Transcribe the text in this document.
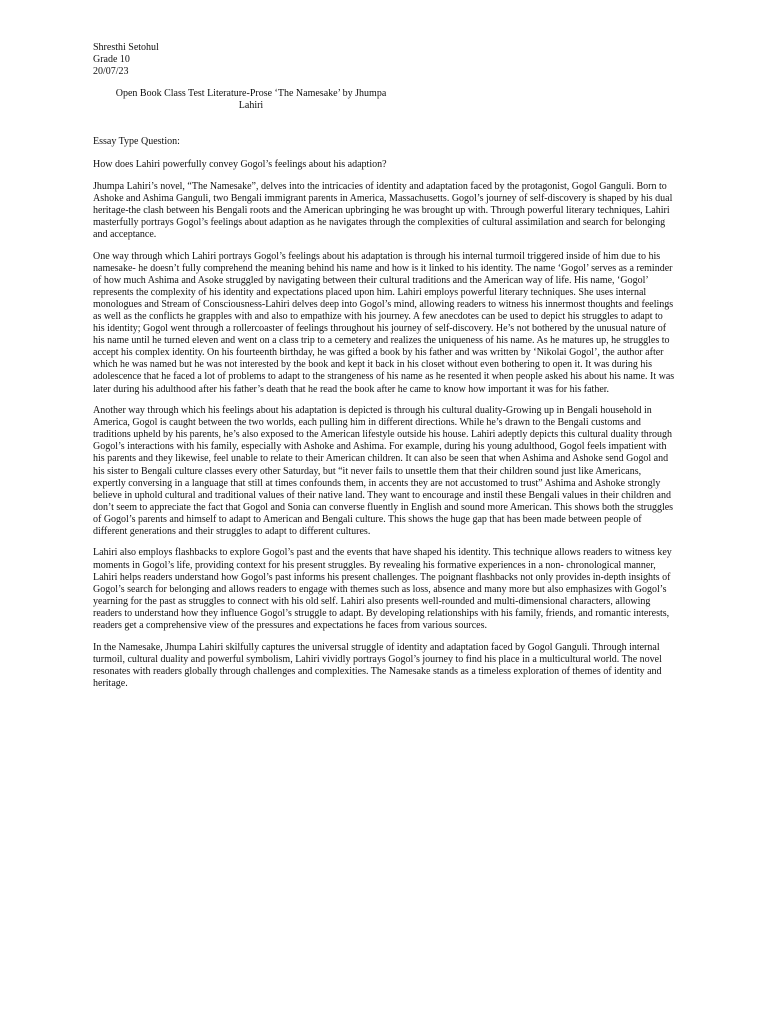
Shresthi Setohul
Grade 10
20/07/23
Open Book Class Test Literature-Prose ‘The Namesake’ by Jhumpa
Lahiri
Essay Type Question:
How does Lahiri powerfully convey Gogol’s feelings about his adaption?

Jhumpa Lahiri’s novel, “The Namesake”, delves into the intricacies of identity and adaptation faced by the protagonist, Gogol Ganguli. Born to Ashoke and Ashima Ganguli, two Bengali immigrant parents in America, Massachusetts. Gogol’s journey of self-discovery is shaped by his dual heritage-the clash between his Bengali roots and the American upbringing he was brought up with. Through powerful literary techniques, Lahiri masterfully portrays Gogol’s feelings about adaption as he navigates through the complexities of cultural assimilation and search for belonging and acceptance.

One way through which Lahiri portrays Gogol’s feelings about his adaptation is through his internal turmoil triggered inside of him due to his namesake- he doesn’t fully comprehend the meaning behind his name and how is it linked to his identity. The name ‘Gogol’ serves as a reminder of how much Ashima and Asoke struggled by navigating between their cultural traditions and the American way of life. His name, ‘Gogol’ represents the complexity of his identity and expectations placed upon him. Lahiri employs powerful literary techniques. She uses internal monologues and Stream of Consciousness-Lahiri delves deep into Gogol’s mind, allowing readers to witness his innermost thoughts and feelings as well as the conflicts he grapples with and also to empathize with his journey. A few anecdotes can be used to depict his struggles to adapt to his identity; Gogol went through a rollercoaster of feelings throughout his journey of self-discovery. He’s not bothered by the unusual nature of his name until he turned eleven and went on a class trip to a cemetery and realizes the uniqueness of his name. As he matures up, he struggles to accept his complex identity. On his fourteenth birthday, he was gifted a book by his father and was written by ‘Nikolai Gogol’, the author after which he was named but he was not interested by the book and kept it back in his closet without even bothering to open it. It was during his adolescence that he faced a lot of problems to adapt to the strangeness of his name as he resented it when people asked his about his name. It was later during his adulthood after his father’s death that he read the book after he came to know how important it was for his father.

Another way through which his feelings about his adaptation is depicted is through his cultural duality-Growing up in Bengali household in America, Gogol is caught between the two worlds, each pulling him in different directions. While he’s drawn to the Bengali customs and traditions upheld by his parents, he’s also exposed to the American lifestyle outside his house. Lahiri adeptly depicts this cultural duality through Gogol’s interactions with his family, especially with Ashoke and Ashima. For example, during his young adulthood, Gogol feels impatient with his parents and they likewise, feel unable to relate to their American children. It can also be seen that when Ashima and Ashoke send Gogol and his sister to Bengali culture classes every other Saturday, but “it never fails to unsettle them that their children sound just like Americans, expertly conversing in a language that still at times confounds them, in accents they are not accustomed to trust” Ashima and Ashoke strongly believe in uphold cultural and traditional values of their native land. They want to encourage and instil these Bengali values in their children and don’t seem to appreciate the fact that Gogol and Sonia can converse fluently in English and sound more American. This shows both the struggles of Gogol’s parents and himself to adapt to American and Bengali culture. This shows the huge gap that has been made between people of different generations and their struggles to adapt to different cultures.

Lahiri also employs flashbacks to explore Gogol’s past and the events that have shaped his identity. This technique allows readers to witness key moments in Gogol’s life, providing context for his present struggles. By revealing his formative experiences in a non- chronological manner, Lahiri helps readers understand how Gogol’s past informs his present challenges. The poignant flashbacks not only provides in-depth insights of Gogol’s search for belonging and allows readers to engage with themes such as loss, absence and many more but also emphasizes with Gogol’s yearning for the past as struggles to connect with his old self. Lahiri also presents well-rounded and multi-dimensional characters, allowing readers to understand how they influence Gogol’s struggle to adapt. By developing relationships with his family, friends, and romantic interests, readers get a comprehensive view of the pressures and expectations he faces from various sources.

In the Namesake, Jhumpa Lahiri skilfully captures the universal struggle of identity and adaptation faced by Gogol Ganguli. Through internal turmoil, cultural duality and powerful symbolism, Lahiri vividly portrays Gogol’s journey to find his place in a multicultural world. The novel resonates with readers globally through challenges and complexities. The Namesake stands as a timeless exploration of themes of identity and heritage.
